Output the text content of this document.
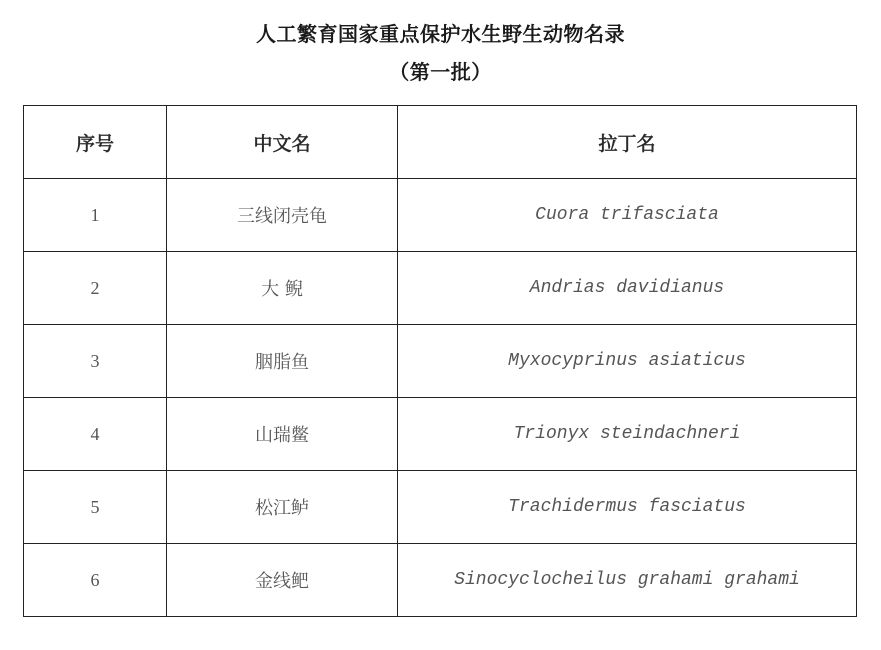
人工繁育国家重点保护水生野生动物名录
（第一批）
序号	中文名	拉丁名
1	三线闭壳龟	Cuora trifasciata
2	大 鲵	Andrias davidianus
3	胭脂鱼	Myxocyprinus asiaticus
4	山瑞鳖	Trionyx steindachneri
5	松江鲈	Trachidermus fasciatus
6	金线鲃	Sinocyclocheilus grahami grahami
